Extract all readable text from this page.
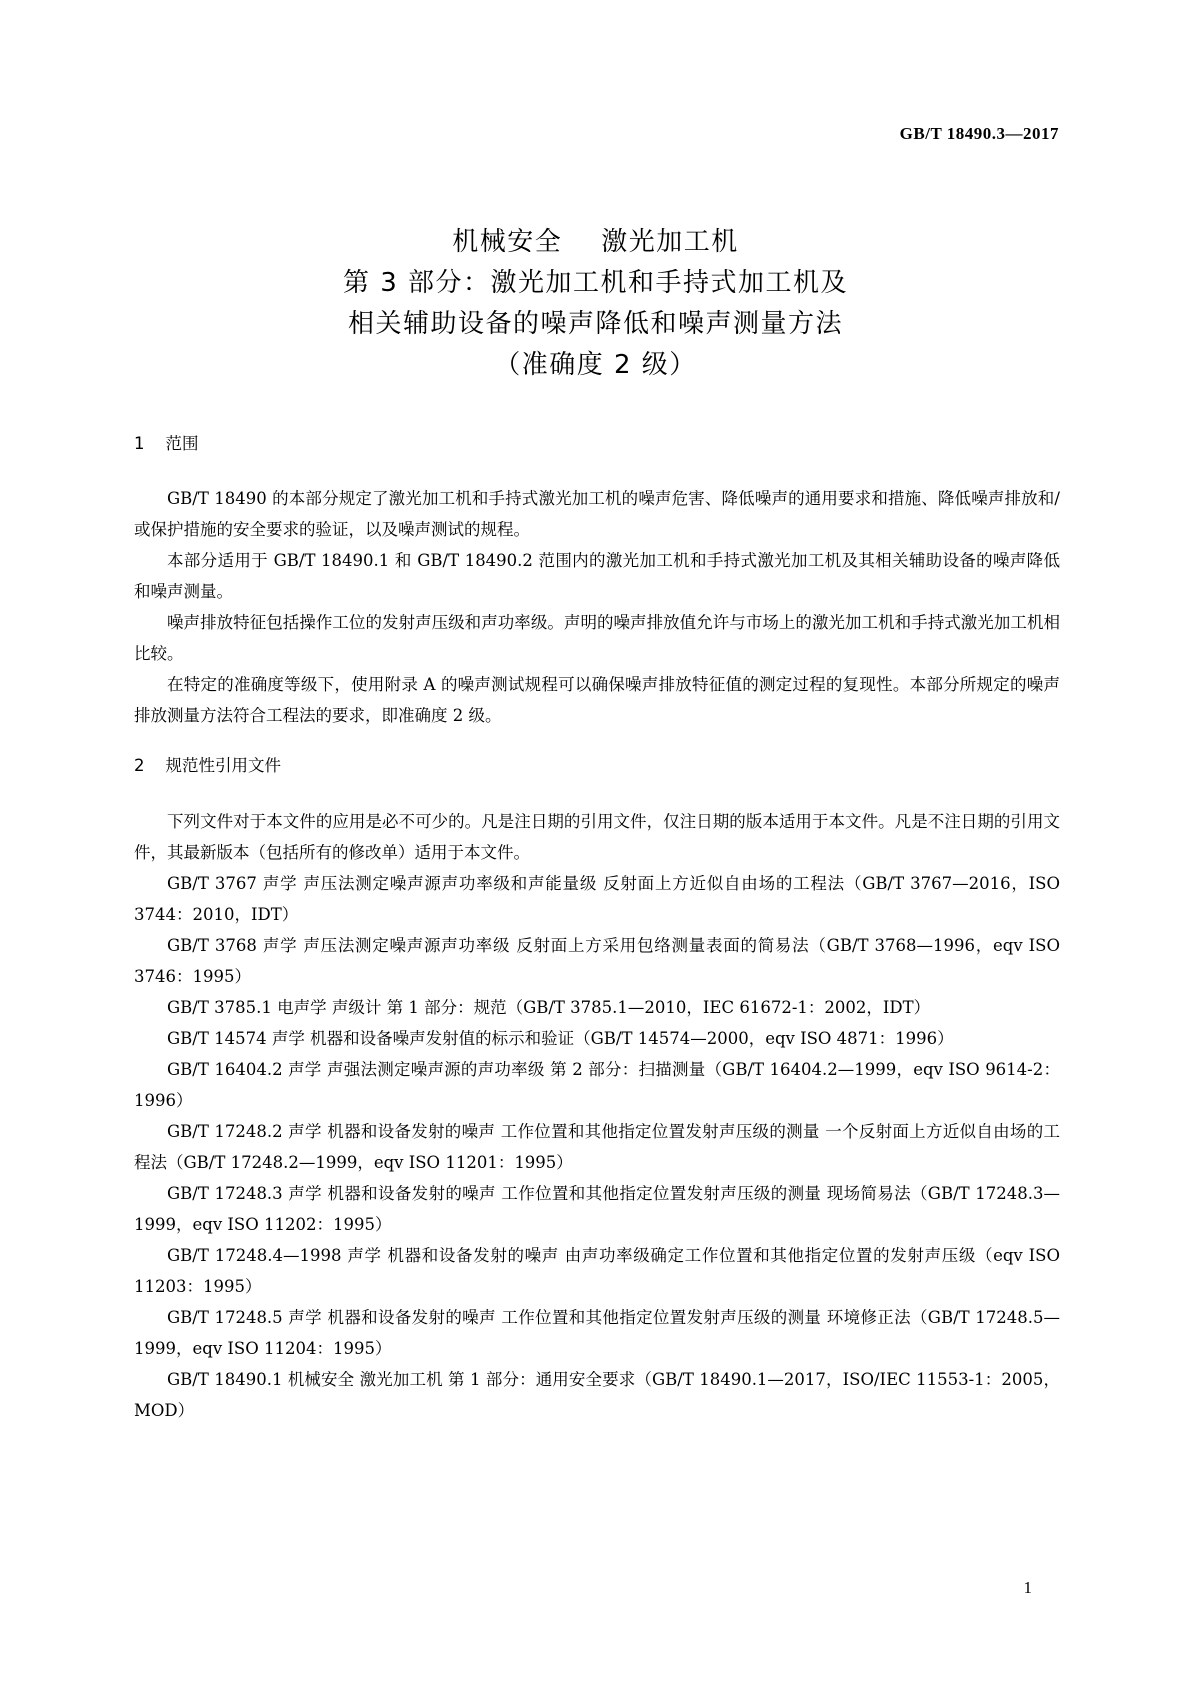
GB/T 18490.3—2017
机械安全    激光加工机
第 3 部分：激光加工机和手持式加工机及
相关辅助设备的噪声降低和噪声测量方法
（准确度 2 级）
1    范围

GB/T 18490 的本部分规定了激光加工机和手持式激光加工机的噪声危害、降低噪声的通用要求和措施、降低噪声排放和/或保护措施的安全要求的验证，以及噪声测试的规程。

本部分适用于 GB/T 18490.1 和 GB/T 18490.2 范围内的激光加工机和手持式激光加工机及其相关辅助设备的噪声降低和噪声测量。

噪声排放特征包括操作工位的发射声压级和声功率级。声明的噪声排放值允许与市场上的激光加工机和手持式激光加工机相比较。

在特定的准确度等级下，使用附录 A 的噪声测试规程可以确保噪声排放特征值的测定过程的复现性。本部分所规定的噪声排放测量方法符合工程法的要求，即准确度 2 级。

2    规范性引用文件

下列文件对于本文件的应用是必不可少的。凡是注日期的引用文件，仅注日期的版本适用于本文件。凡是不注日期的引用文件，其最新版本（包括所有的修改单）适用于本文件。

GB/T 3767 声学 声压法测定噪声源声功率级和声能量级 反射面上方近似自由场的工程法（GB/T 3767—2016，ISO 3744：2010，IDT）

GB/T 3768 声学 声压法测定噪声源声功率级 反射面上方采用包络测量表面的简易法（GB/T 3768—1996，eqv ISO 3746：1995）

GB/T 3785.1 电声学 声级计 第 1 部分：规范（GB/T 3785.1—2010，IEC 61672-1：2002，IDT）

GB/T 14574 声学 机器和设备噪声发射值的标示和验证（GB/T 14574—2000，eqv ISO 4871：1996）

GB/T 16404.2 声学 声强法测定噪声源的声功率级 第 2 部分：扫描测量（GB/T 16404.2—1999，eqv ISO 9614-2：1996）

GB/T 17248.2 声学 机器和设备发射的噪声 工作位置和其他指定位置发射声压级的测量 一个反射面上方近似自由场的工程法（GB/T 17248.2—1999，eqv ISO 11201：1995）

GB/T 17248.3 声学 机器和设备发射的噪声 工作位置和其他指定位置发射声压级的测量 现场简易法（GB/T 17248.3—1999，eqv ISO 11202：1995）

GB/T 17248.4—1998 声学 机器和设备发射的噪声 由声功率级确定工作位置和其他指定位置的发射声压级（eqv ISO 11203：1995）

GB/T 17248.5 声学 机器和设备发射的噪声 工作位置和其他指定位置发射声压级的测量 环境修正法（GB/T 17248.5—1999，eqv ISO 11204：1995）

GB/T 18490.1 机械安全 激光加工机 第 1 部分：通用安全要求（GB/T 18490.1—2017，ISO/IEC 11553-1：2005，MOD）

1
